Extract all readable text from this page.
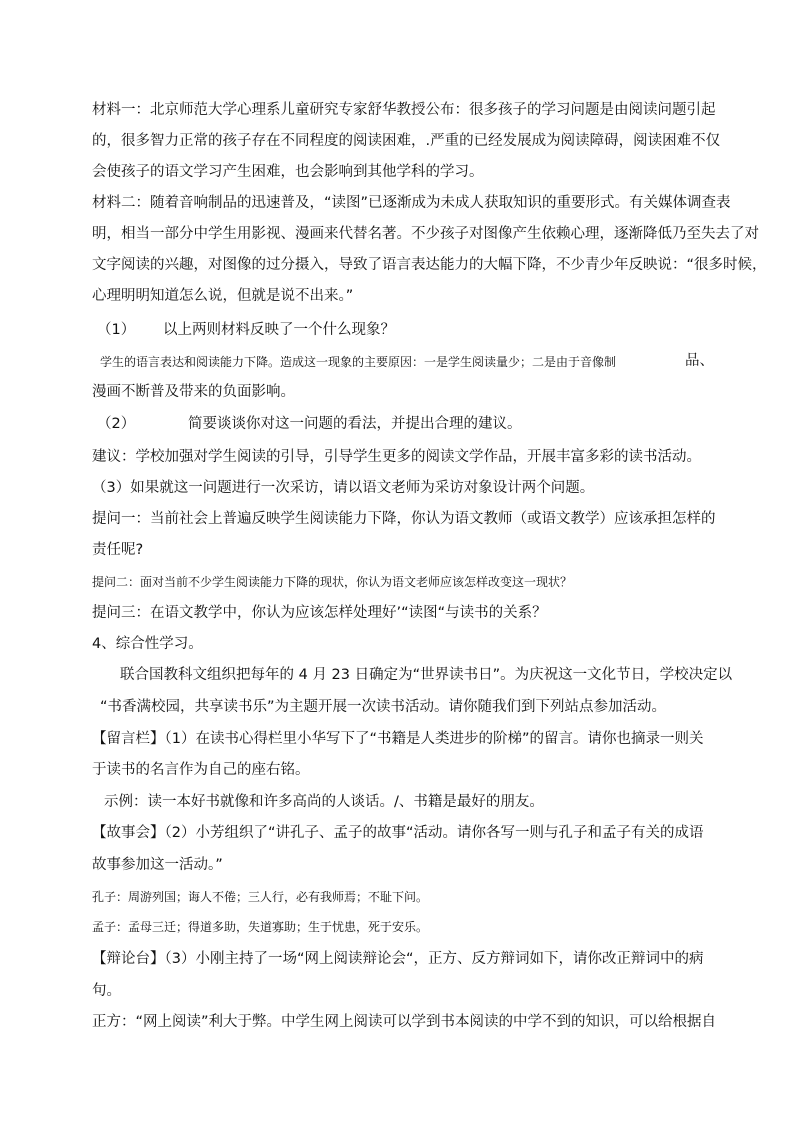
材料一：北京师范大学心理系儿童研究专家舒华教授公布：很多孩子的学习问题是由阅读问题引起
的，很多智力正常的孩子存在不同程度的阅读困难，.严重的已经发展成为阅读障碍，阅读困难不仅
会使孩子的语文学习产生困难，也会影响到其他学科的学习。
材料二：随着音响制品的迅速普及，“读图”已逐渐成为未成人获取知识的重要形式。有关媒体调查表
明，相当一部分中学生用影视、漫画来代替名著。不少孩子对图像产生依赖心理，逐渐降低乃至失去了对
文字阅读的兴趣，对图像的过分摄入，导致了语言表达能力的大幅下降，不少青少年反映说：“很多时候，
心理明明知道怎么说，但就是说不出来。”
（1） 以上两则材料反映了一个什么现象？
学生的语言表达和阅读能力下降。造成这一现象的主要原因：一是学生阅读量少；二是由于音像制	品、
漫画不断普及带来的负面影响。
（2）	简要谈谈你对这一问题的看法，并提出合理的建议。
建议：学校加强对学生阅读的引导，引导学生更多的阅读文学作品，开展丰富多彩的读书活动。
（3）如果就这一问题进行一次采访，请以语文老师为采访对象设计两个问题。
提问一：当前社会上普遍反映学生阅读能力下降，你认为语文教师（或语文教学）应该承担怎样的
责任呢?
提问二：面对当前不少学生阅读能力下降的现状，你认为语文老师应该怎样改变这一现状？
提问三：在语文教学中，你认为应该怎样处理好’“读图“与读书的关系？
4、综合性学习。
联合国教科文组织把每年的 4 月 23 日确定为“世界读书日”。为庆祝这一文化节日，学校决定以
“书香满校园，共享读书乐”为主题开展一次读书活动。请你随我们到下列站点参加活动。
【留言栏】（1）在读书心得栏里小华写下了“书籍是人类进步的阶梯”的留言。请你也摘录一则关
于读书的名言作为自己的座右铭。
示例：读一本好书就像和许多高尚的人谈话。/、书籍是最好的朋友。
【故事会】（2）小芳组织了“讲孔子、孟子的故事“活动。请你各写一则与孔子和孟子有关的成语
故事参加这一活动。”
孔子：周游列国；诲人不倦；三人行，必有我师焉；不耻下问。
孟子：孟母三迁；得道多助，失道寡助；生于忧患，死于安乐。
【辩论台】（3）小刚主持了一场“网上阅读辩论会“，正方、反方辩词如下，请你改正辩词中的病
句。
正方：“网上阅读”利大于弊。中学生网上阅读可以学到书本阅读的中学不到的知识，可以给根据自
